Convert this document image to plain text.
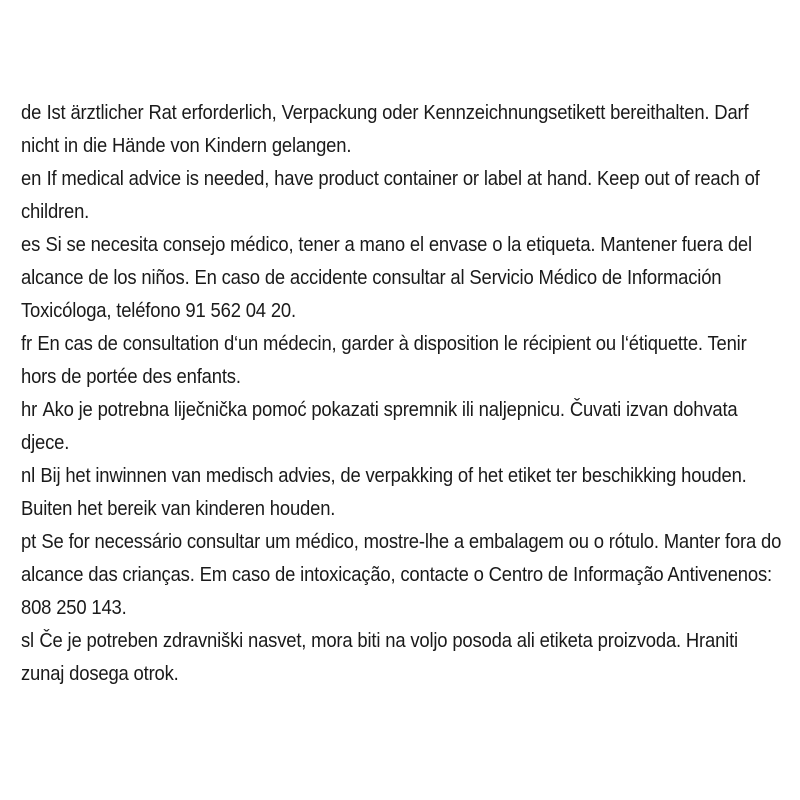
de Ist ärztlicher Rat erforderlich, Verpackung oder Kennzeichnungsetikett bereithalten. Darf nicht in die Hände von Kindern gelangen.

en If medical advice is needed, have product container or label at hand. Keep out of reach of children.

es Si se necesita consejo médico, tener a mano el envase o la etiqueta. Mantener fuera del alcance de los niños. En caso de accidente consultar al Servicio Médico de Información Toxicóloga, teléfono 91 562 04 20.

fr En cas de consultation d‘un médecin, garder à disposition le récipient ou l‘étiquette. Tenir hors de portée des enfants.

hr Ako je potrebna liječnička pomoć pokazati spremnik ili naljepnicu. Čuvati izvan dohvata djece.

nl Bij het inwinnen van medisch advies, de verpakking of het etiket ter beschikking houden. Buiten het bereik van kinderen houden.

pt Se for necessário consultar um médico, mostre-lhe a embalagem ou o rótulo. Manter fora do alcance das crianças. Em caso de intoxicação, contacte o Centro de Informação Antivenenos: 808 250 143.

sl Če je potreben zdravniški nasvet, mora biti na voljo posoda ali etiketa proizvoda. Hraniti zunaj dosega otrok.
